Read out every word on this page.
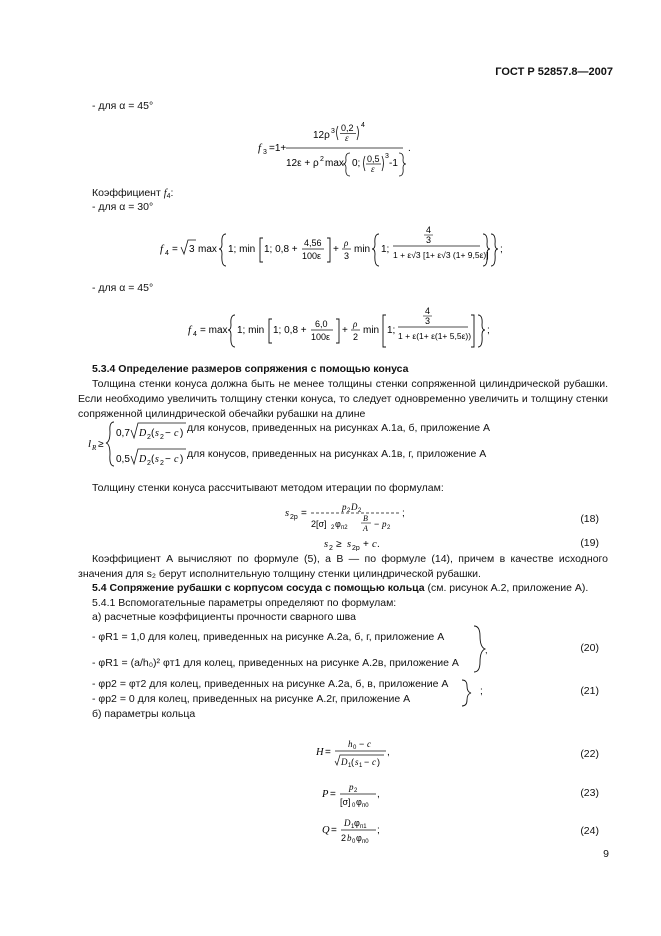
ГОСТ Р 52857.8—2007
- для α = 45°
f 3 =1+
12ρ 3 0,2
ε
4
12ε + ρ 2 max 0; 0,5
ε
3
-1
.
Коэффициент $f_4$:
- для α = 30°
f 4 = 3 max 1; min 1; 0,8 +
4,56
100ε
+
ρ
3
min 1;
4
3
1 + ε√3 [1+ ε√3 (1+ 9,5ε)] ;
- для α = 45°
f 4 = max 1; min 1; 0,8 +
6,0
100ε
+
ρ
2
min 1;
4
3
1 + ε(1+ ε(1+ 5,5ε)) ;
5.3.4 Определение размеров сопряжения с помощью конуса
Толщина стенки конуса должна быть не менее толщины стенки сопряженной цилиндрической рубашки. Если необходимо увеличить толщину стенки конуса, то следует одновременно увеличить и толщину стенки сопряженной цилиндрической обечайки рубашки на длине
l R ≥
0,7 D 2 ( s 2 − c )
0,5 D 2 ( s 2 − c )
для конусов, приведенных на рисунках А.1а, б, приложение А
для конусов, приведенных на рисунках А.1в, г, приложение А
Толщину стенки конуса рассчитывают методом итерации по формулам:
s 2p =
p 2 D 2
2[σ] 2 φ п2
B
A − p 2
;	(18)
s 2 ≥ s 2p + c .	(19)
Коэффициент A вычисляют по формуле (5), а B — по формуле (14), причем в качестве исходного значения для s₂ берут исполнительную толщину стенки цилиндрической рубашки.
5.4 Сопряжение рубашки с корпусом сосуда с помощью кольца (см. рисунок А.2, приложение А).
5.4.1 Вспомогательные параметры определяют по формулам:
а) расчетные коэффициенты прочности сварного шва
- φR1 = 1,0 для колец, приведенных на рисунке А.2а, б, г, приложение А
- φR1 = (a/h₀)² φт1 для колец, приведенных на рисунке А.2в, приложение А
,	(20)
- φp2 = φт2 для колец, приведенных на рисунке А.2а, б, в, приложение А
- φp2 = 0 для колец, приведенных на рисунке А.2г, приложение А
;	(21)
б) параметры кольца
H =
h 0 − c
D 1 ( s 1 − c )
,	(22)
P =
p 2
[σ] 0 φ п0
,	(23)
Q =
D 1 φ п1
2 b 0 φ п0
;	(24)
9
f 3 =1+ 12ρ³(0,2/ε)⁴ 12ε + ρ² max {0; (0,5/ε)³ − 1} . f₄ = √3 max {1; min [1; 0,8 + 4,56/100ε] + ρ/3 min {1; (4/3) / (1 + ε√3 [1 + ε√3 (1 + 9,5ε)])}}; f₄ = max {1; min [1; 0,8 + 6,0/100ε] + ρ/2 min [1; (4/3) / (1 + ε(1 + 5,5ε))]}; l R ≥ 0,7√(D₂(s₂ − c)) 0,5√(D₂(s₂ − c)) s₂p = p₂D₂ / (2[σ]₂φп2 · B/A − p₂); s₂ ≥ s₂p + c. H = (h₀ − c) / √(D₁(s₁ − c)), P = p₂ / ([σ]₀φп0), Q = D₁φп1 / (2b₀φп0);
